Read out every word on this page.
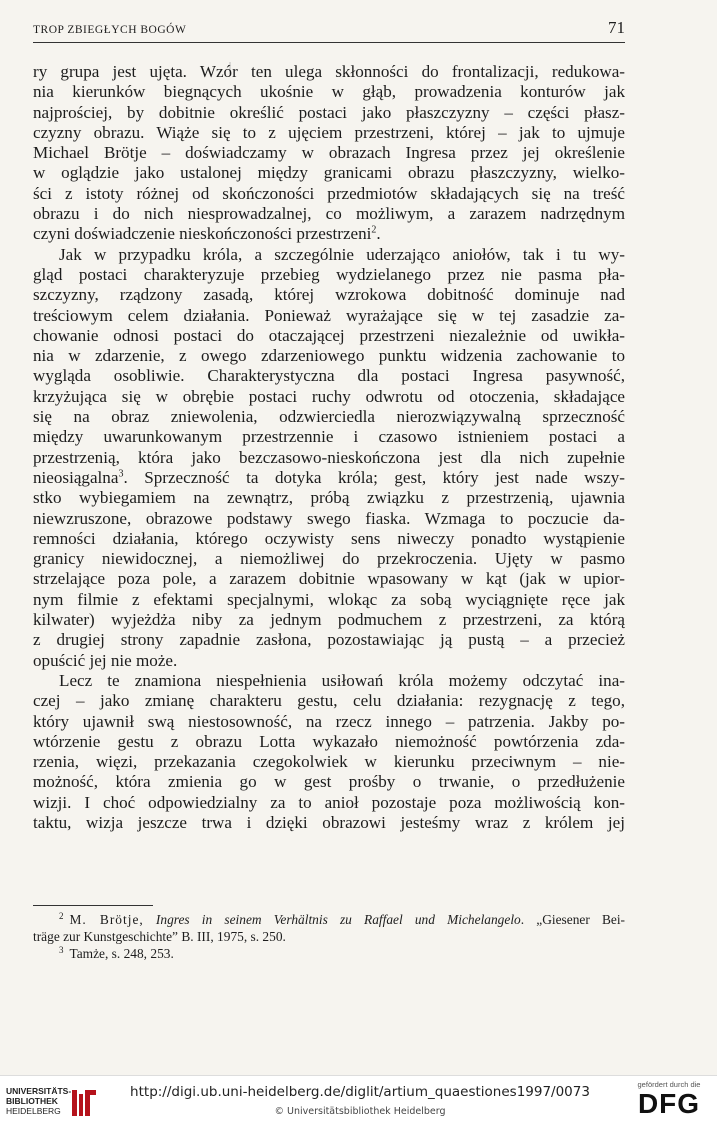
TROP ZBIEGŁYCH BOGÓW	71
ry grupa jest ujęta. Wzór ten ulega skłonności do frontalizacji, redukowa-
nia kierunków biegnących ukośnie w głąb, prowadzenia konturów jak
najprościej, by dobitnie określić postaci jako płaszczyzny – części płasz-
czyzny obrazu. Wiąże się to z ujęciem przestrzeni, której – jak to ujmuje
Michael Brötje – doświadczamy w obrazach Ingresa przez jej określenie
w oglądzie jako ustalonej między granicami obrazu płaszczyzny, wielko-
ści z istoty różnej od skończoności przedmiotów składających się na treść
obrazu i do nich niesprowadzalnej, co możliwym, a zarazem nadrzędnym
czyni doświadczenie nieskończoności przestrzeni$^2$.
Jak w przypadku króla, a szczególnie uderzająco aniołów, tak i tu wy-
gląd postaci charakteryzuje przebieg wydzielanego przez nie pasma pła-
szczyzny, rządzony zasadą, której wzrokowa dobitność dominuje nad
treściowym celem działania. Ponieważ wyrażające się w tej zasadzie za-
chowanie odnosi postaci do otaczającej przestrzeni niezależnie od uwikła-
nia w zdarzenie, z owego zdarzeniowego punktu widzenia zachowanie to
wygląda osobliwie. Charakterystyczna dla postaci Ingresa pasywność,
krzyżująca się w obrębie postaci ruchy odwrotu od otoczenia, składające
się na obraz zniewolenia, odzwierciedla nierozwiązywalną sprzeczność
między uwarunkowanym przestrzennie i czasowo istnieniem postaci a
przestrzenią, która jako bezczasowo-nieskończona jest dla nich zupełnie
nieosiągalna$^3$. Sprzeczność ta dotyka króla; gest, który jest nade wszy-
stko wybiegamiem na zewnątrz, próbą związku z przestrzenią, ujawnia
niewzruszone, obrazowe podstawy swego fiaska. Wzmaga to poczucie da-
remności działania, którego oczywisty sens niweczy ponadto wystąpienie
granicy niewidocznej, a niemożliwej do przekroczenia. Ujęty w pasmo
strzelające poza pole, a zarazem dobitnie wpasowany w kąt (jak w upior-
nym filmie z efektami specjalnymi, wlokąc za sobą wyciągnięte ręce jak
kilwater) wyjeżdża niby za jednym podmuchem z przestrzeni, za którą
z drugiej strony zapadnie zasłona, pozostawiając ją pustą – a przecież
opuścić jej nie może.
Lecz te znamiona niespełnienia usiłowań króla możemy odczytać ina-
czej – jako zmianę charakteru gestu, celu działania: rezygnację z tego,
który ujawnił swą niestosowność, na rzecz innego – patrzenia. Jakby po-
wtórzenie gestu z obrazu Lotta wykazało niemożność powtórzenia zda-
rzenia, więzi, przekazania czegokolwiek w kierunku przeciwnym – nie-
możność, która zmienia go w gest prośby o trwanie, o przedłużenie
wizji. I choć odpowiedzialny za to anioł pozostaje poza możliwością kon-
taktu, wizja jeszcze trwa i dzięki obrazowi jesteśmy wraz z królem jej
$^2$ M. Brötje, Ingres in seinem Verhältnis zu Raffael und Michelangelo. „Giesener Bei-
träge zur Kunstgeschichte” B. III, 1975, s. 250.
$^3$ Tamże, s. 248, 253.
UNIVERSITÄTS-
BIBLIOTHEK
HEIDELBERG
http://digi.ub.uni-heidelberg.de/diglit/artium_quaestiones1997/0073
© Universitätsbibliothek Heidelberg
gefördert durch die
DFG
